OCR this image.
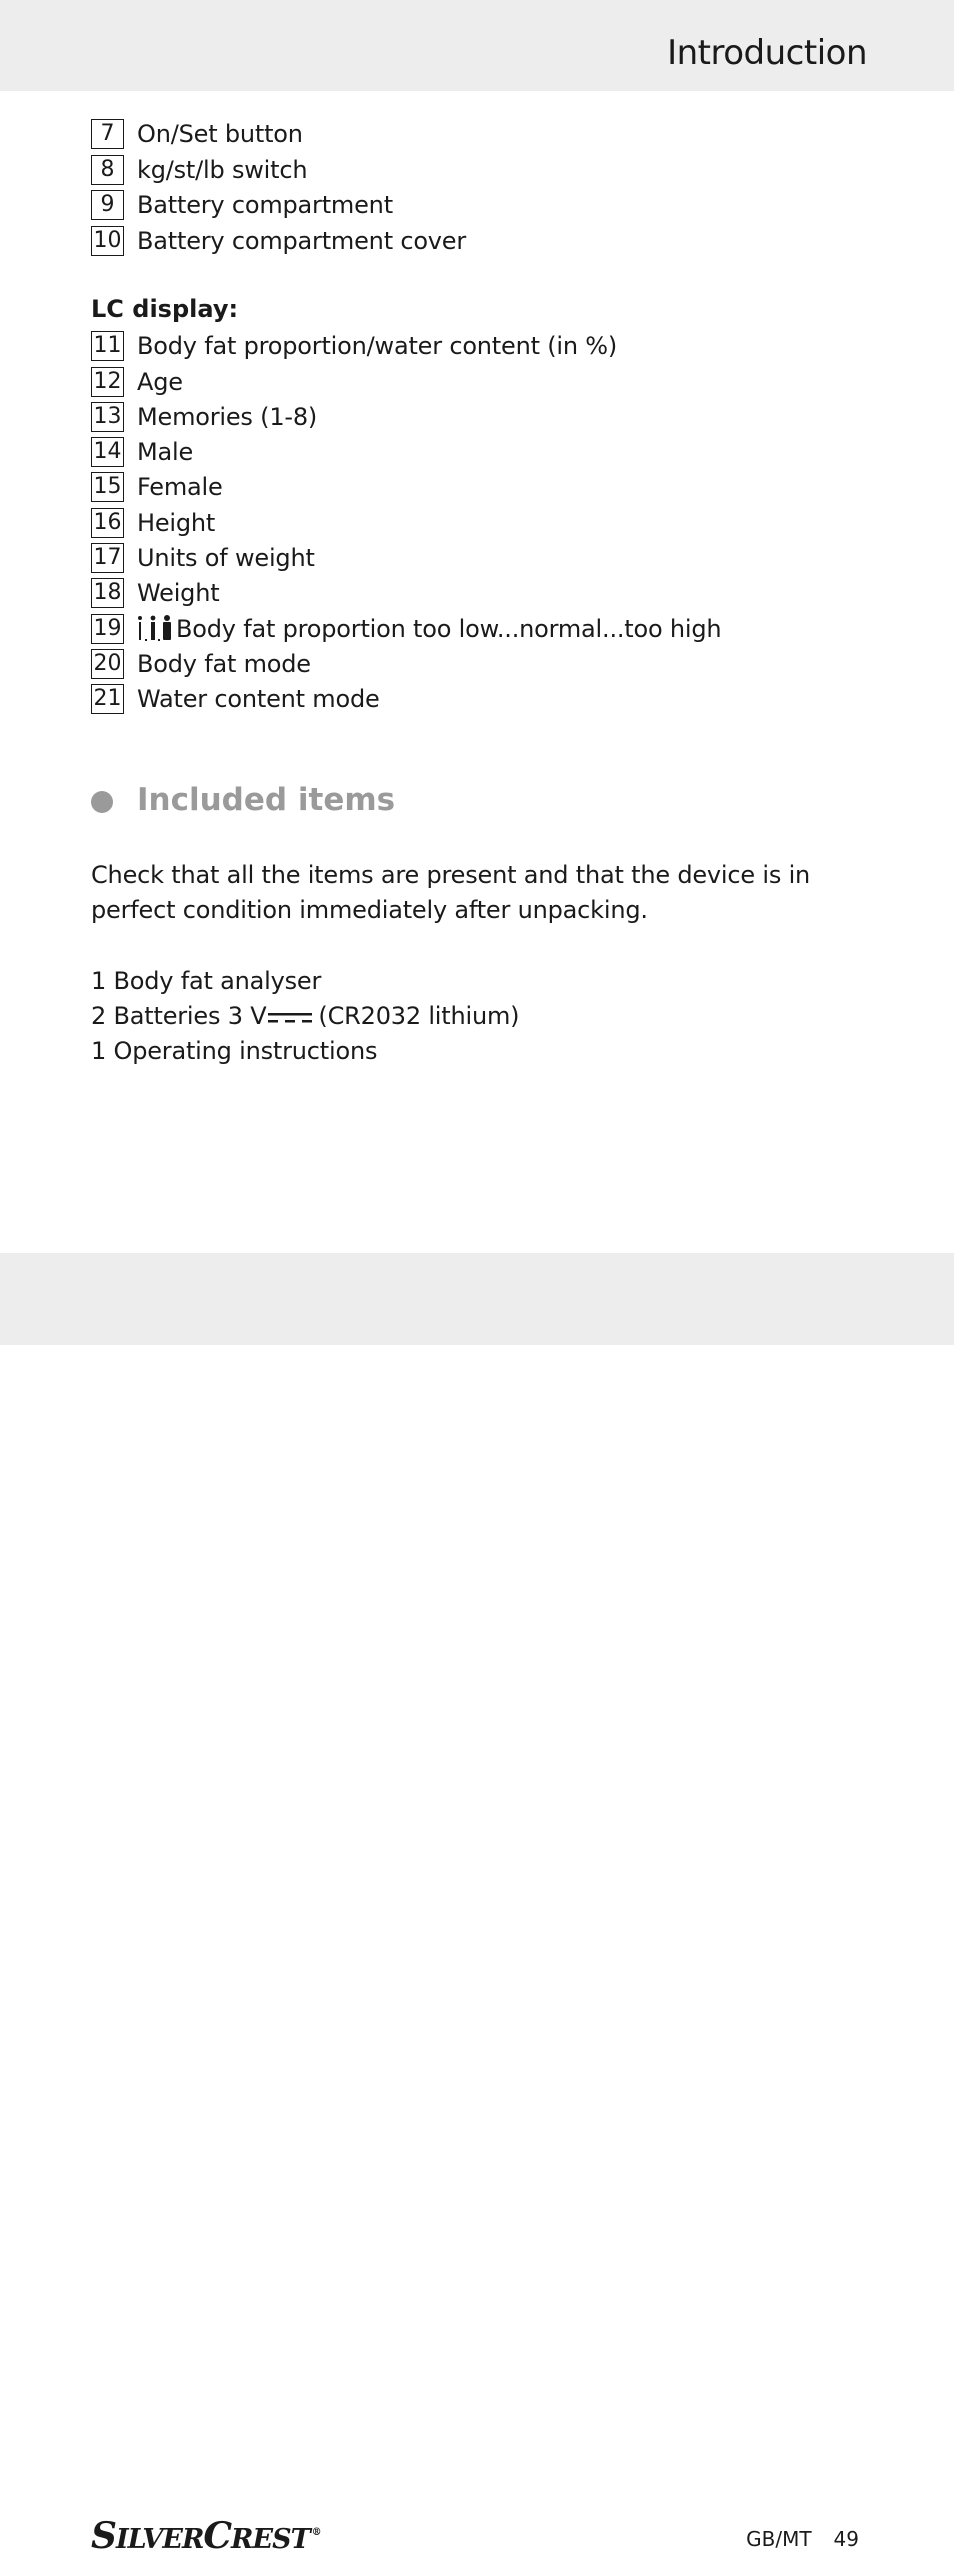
Introduction
7 On/Set button
8 kg/st/lb switch
9 Battery compartment
10 Battery compartment cover
LC display:
11 Body fat proportion/water content (in %)
12 Age
13 Memories (1-8)
14 Male
15 Female
16 Height
17 Units of weight
18 Weight
19 Body fat proportion too low...normal...too high
20 Body fat mode
21 Water content mode
Included items
Check that all the items are present and that the device is in perfect condition immediately after unpacking.
1 Body fat analyser
2 Batteries 3 V (CR2032 lithium)
1 Operating instructions
SILVERCREST ®	GB/MT 49
